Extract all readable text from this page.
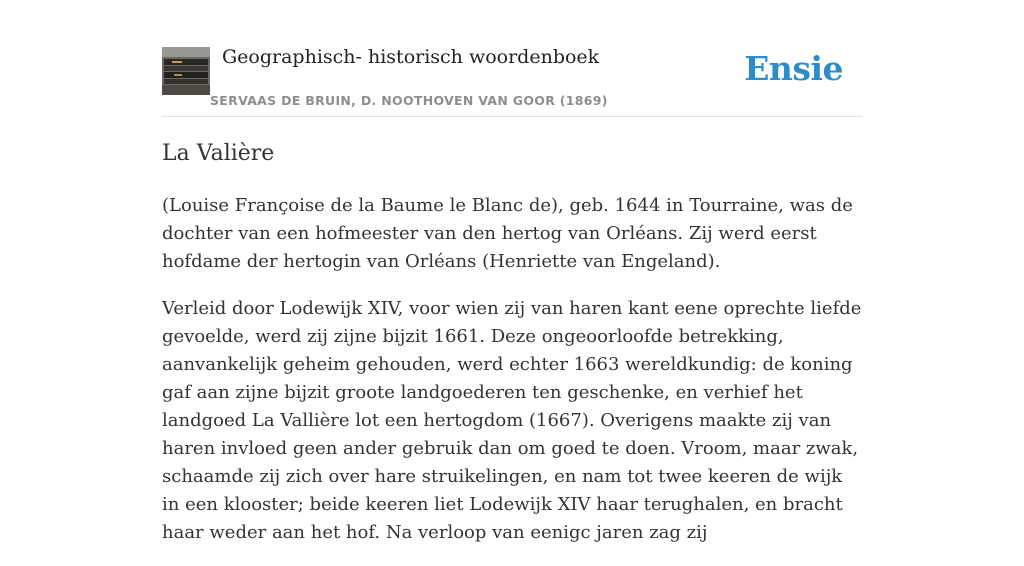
Geographisch- historisch woordenboek
SERVAAS DE BRUIN, D. NOOTHOVEN VAN GOOR (1869)
Ensie
La Valière

(Louise Françoise de la Baume le Blanc de), geb. 1644 in Tourraine, was de dochter van een hofmeester van den hertog van Orléans. Zij werd eerst hofdame der hertogin van Orléans (Henriette van Engeland).

Verleid door Lodewijk XIV, voor wien zij van haren kant eene oprechte liefde gevoelde, werd zij zijne bijzit 1661. Deze ongeoorloofde betrekking, aanvankelijk geheim gehouden, werd echter 1663 wereldkundig: de koning gaf aan zijne bijzit groote landgoederen ten geschenke, en verhief het landgoed La Vallière lot een hertogdom (1667). Overigens maakte zij van haren invloed geen ander gebruik dan om goed te doen. Vroom, maar zwak, schaamde zij zich over hare struikelingen, en nam tot twee keeren de wijk in een klooster; beide keeren liet Lodewijk XIV haar terughalen, en bracht haar weder aan het hof. Na verloop van eenigc jaren zag zij
